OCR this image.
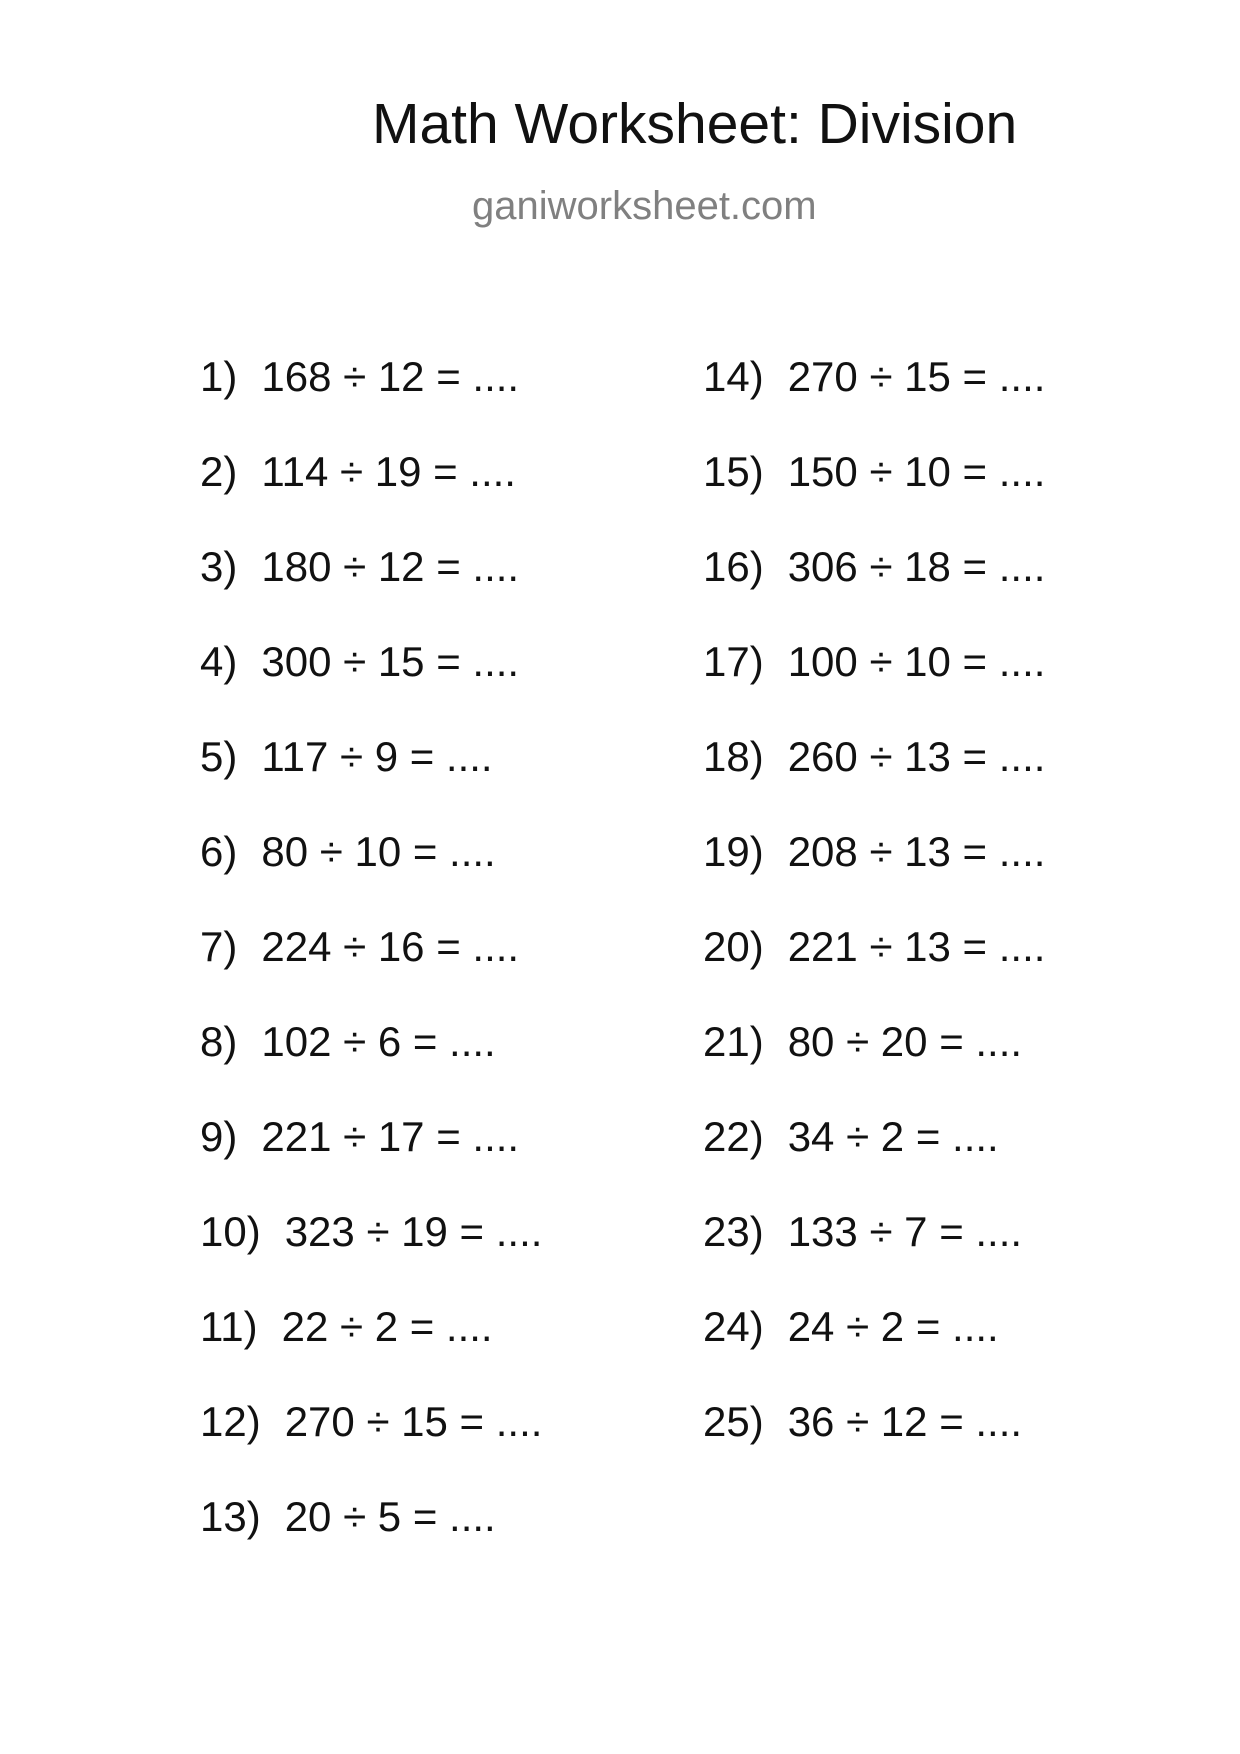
Math Worksheet: Division
ganiworksheet.com
1) 168 ÷ 12 = ....
2) 114 ÷ 19 = ....
3) 180 ÷ 12 = ....
4) 300 ÷ 15 = ....
5) 117 ÷ 9 = ....
6) 80 ÷ 10 = ....
7) 224 ÷ 16 = ....
8) 102 ÷ 6 = ....
9) 221 ÷ 17 = ....
10) 323 ÷ 19 = ....
11) 22 ÷ 2 = ....
12) 270 ÷ 15 = ....
13) 20 ÷ 5 = ....
14) 270 ÷ 15 = ....
15) 150 ÷ 10 = ....
16) 306 ÷ 18 = ....
17) 100 ÷ 10 = ....
18) 260 ÷ 13 = ....
19) 208 ÷ 13 = ....
20) 221 ÷ 13 = ....
21) 80 ÷ 20 = ....
22) 34 ÷ 2 = ....
23) 133 ÷ 7 = ....
24) 24 ÷ 2 = ....
25) 36 ÷ 12 = ....
